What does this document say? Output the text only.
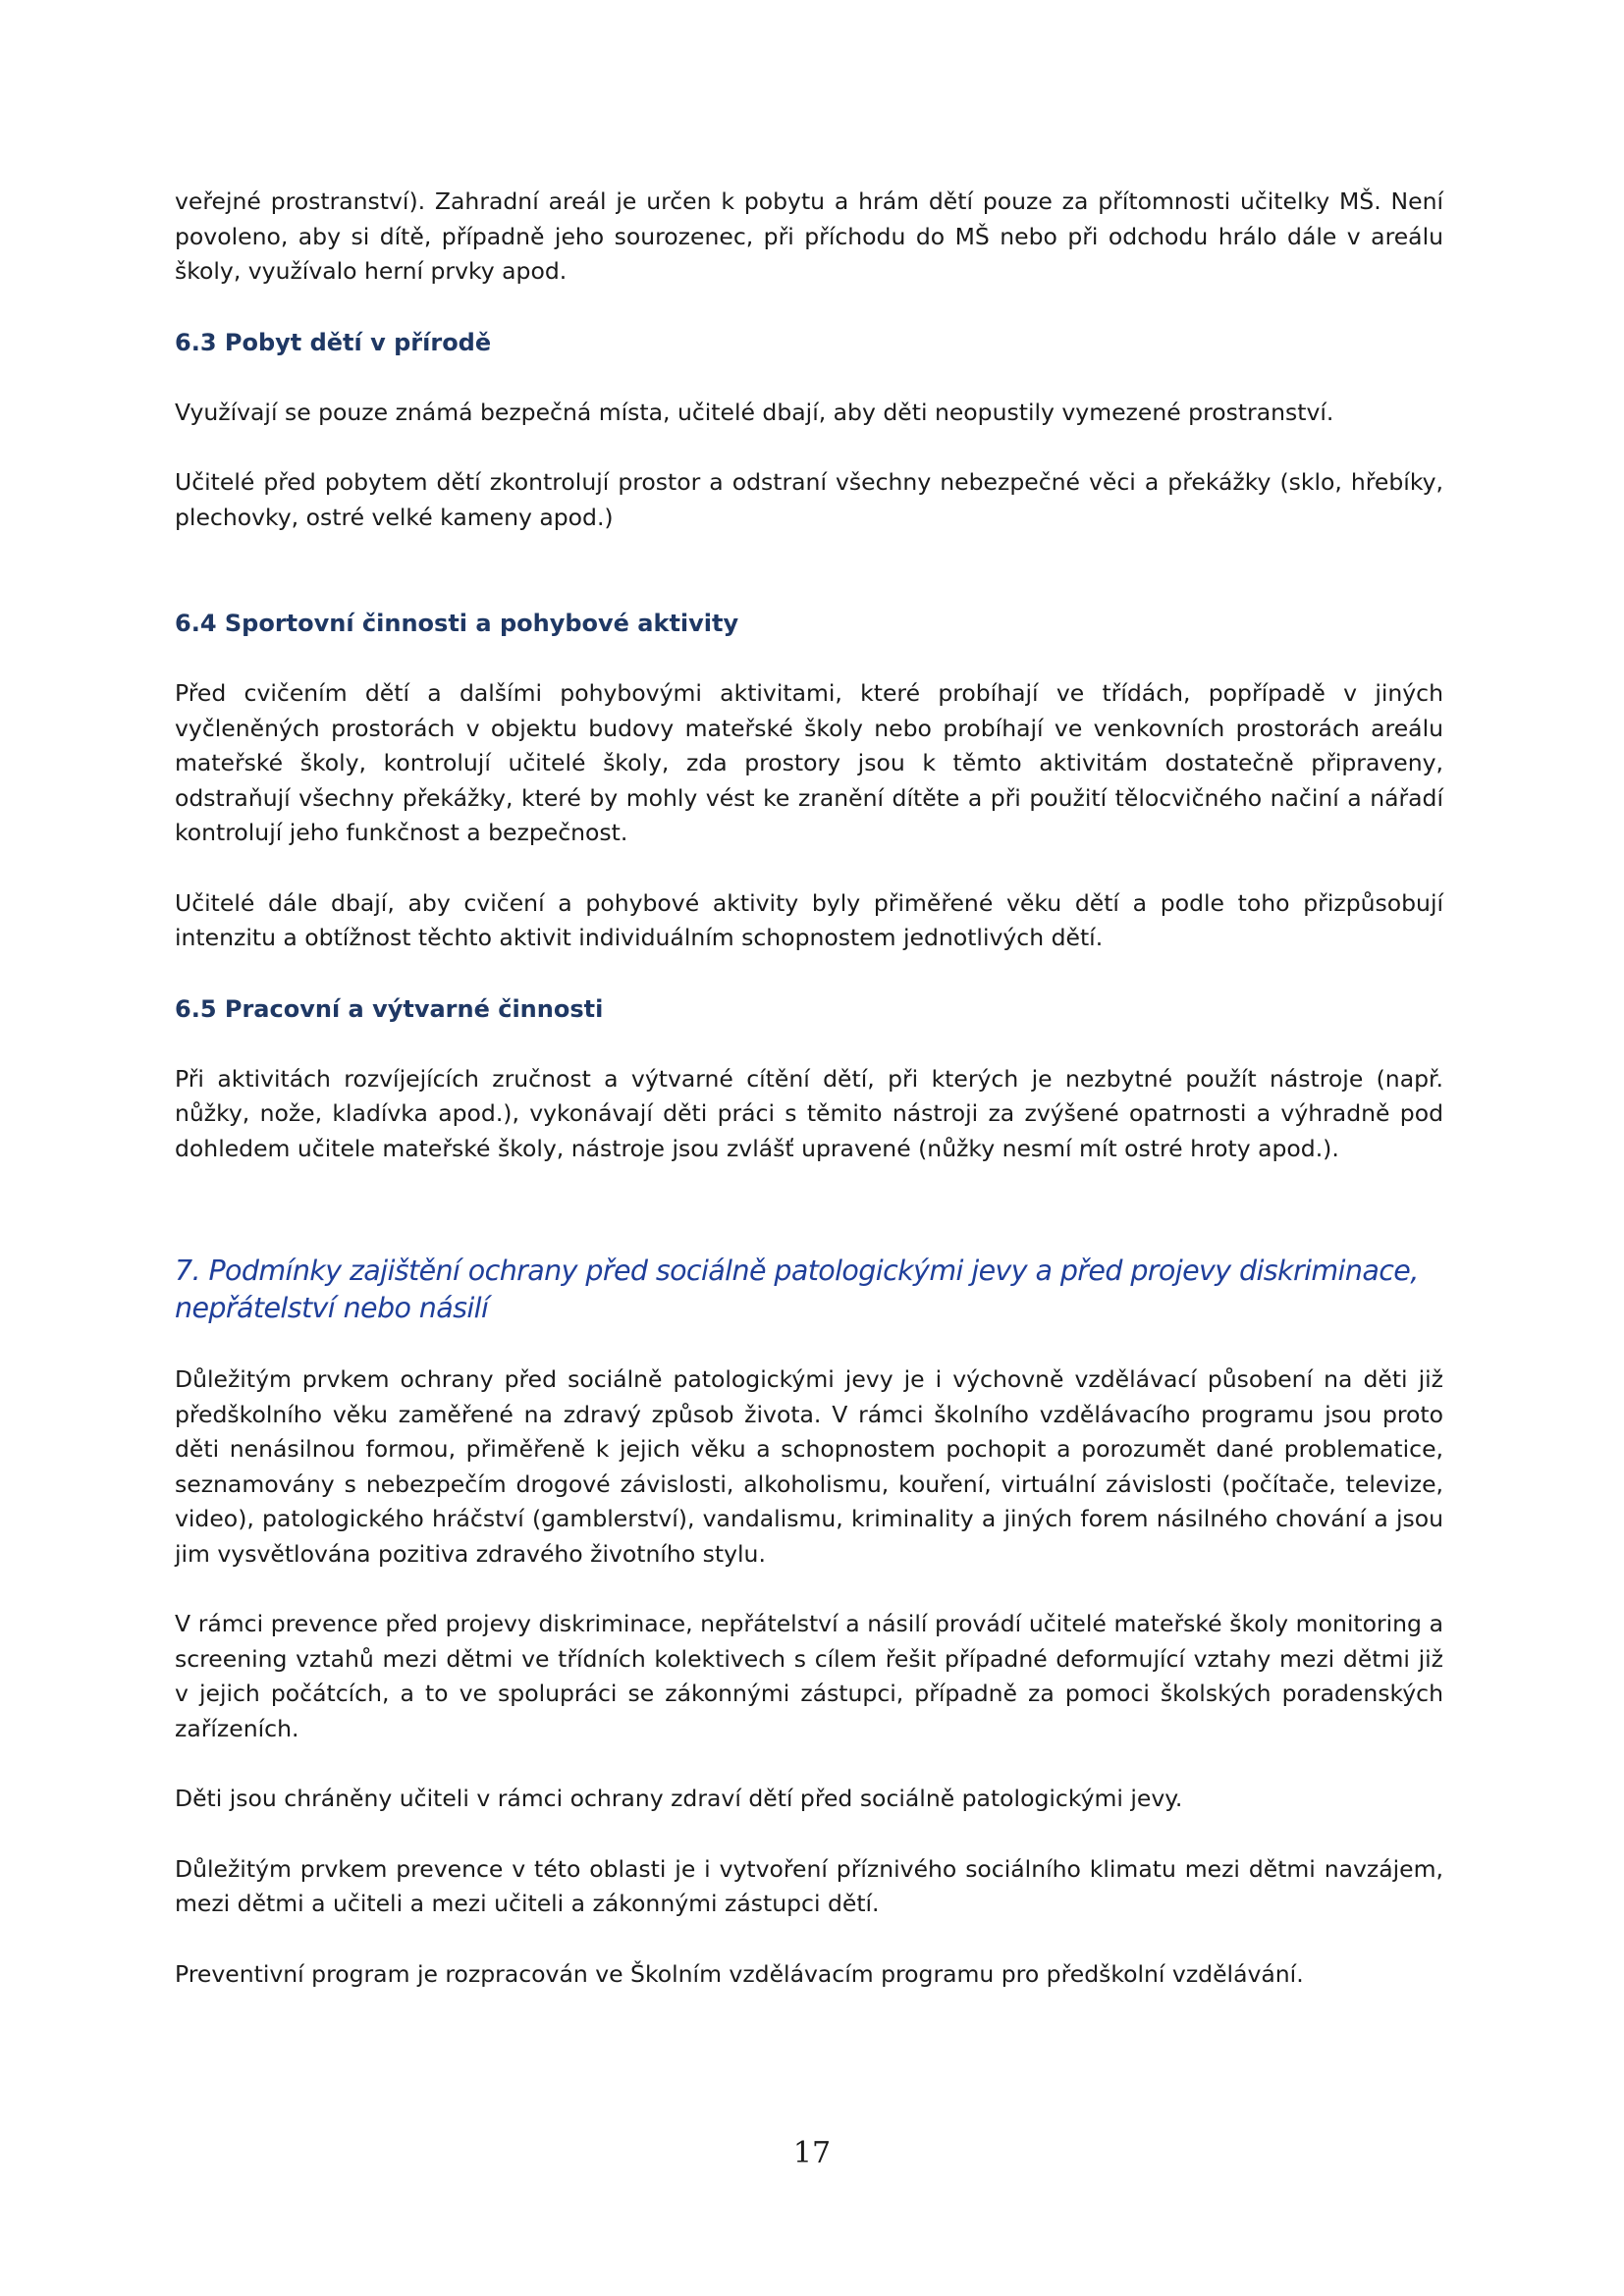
veřejné prostranství). Zahradní areál je určen k pobytu a hrám dětí pouze za přítomnosti učitelky MŠ. Není povoleno, aby si dítě, případně jeho sourozenec, při příchodu do MŠ nebo při odchodu hrálo dále v areálu školy, využívalo herní prvky apod.

6.3 Pobyt dětí v přírodě

Využívají se pouze známá bezpečná místa, učitelé dbají, aby děti neopustily vymezené prostranství.

Učitelé před pobytem dětí zkontrolují prostor a odstraní všechny nebezpečné věci a překážky (sklo, hřebíky, plechovky, ostré velké kameny apod.)

6.4 Sportovní činnosti a pohybové aktivity

Před cvičením dětí a dalšími pohybovými aktivitami, které probíhají ve třídách, popřípadě v jiných vyčleněných prostorách v objektu budovy mateřské školy nebo probíhají ve venkovních prostorách areálu mateřské školy, kontrolují učitelé školy, zda prostory jsou k těmto aktivitám dostatečně připraveny, odstraňují všechny překážky, které by mohly vést ke zranění dítěte a při použití tělocvičného načiní a nářadí kontrolují jeho funkčnost a bezpečnost.

Učitelé dále dbají, aby cvičení a pohybové aktivity byly přiměřené věku dětí a podle toho přizpůsobují intenzitu a obtížnost těchto aktivit individuálním schopnostem jednotlivých dětí.

6.5 Pracovní a výtvarné činnosti

Při aktivitách rozvíjejících zručnost a výtvarné cítění dětí, při kterých je nezbytné použít nástroje (např. nůžky, nože, kladívka apod.), vykonávají děti práci s těmito nástroji za zvýšené opatrnosti a výhradně pod dohledem učitele mateřské školy, nástroje jsou zvlášť upravené (nůžky nesmí mít ostré hroty apod.).

7. Podmínky zajištění ochrany před sociálně patologickými jevy a před projevy diskriminace, nepřátelství nebo násilí

Důležitým prvkem ochrany před sociálně patologickými jevy je i výchovně vzdělávací působení na děti již předškolního věku zaměřené na zdravý způsob života. V rámci školního vzdělávacího programu jsou proto děti nenásilnou formou, přiměřeně k jejich věku a schopnostem pochopit a porozumět dané problematice, seznamovány s nebezpečím drogové závislosti, alkoholismu, kouření, virtuální závislosti (počítače, televize, video), patologického hráčství (gamblerství), vandalismu, kriminality a jiných forem násilného chování a jsou jim vysvětlována pozitiva zdravého životního stylu.

V rámci prevence před projevy diskriminace, nepřátelství a násilí provádí učitelé mateřské školy monitoring a screening vztahů mezi dětmi ve třídních kolektivech s cílem řešit případné deformující vztahy mezi dětmi již v jejich počátcích, a to ve spolupráci se zákonnými zástupci, případně za pomoci školských poradenských zařízeních.

Děti jsou chráněny učiteli v rámci ochrany zdraví dětí před sociálně patologickými jevy.

Důležitým prvkem prevence v této oblasti je i vytvoření příznivého sociálního klimatu mezi dětmi navzájem, mezi dětmi a učiteli a mezi učiteli a zákonnými zástupci dětí.

Preventivní program je rozpracován ve Školním vzdělávacím programu pro předškolní vzdělávání.

17
